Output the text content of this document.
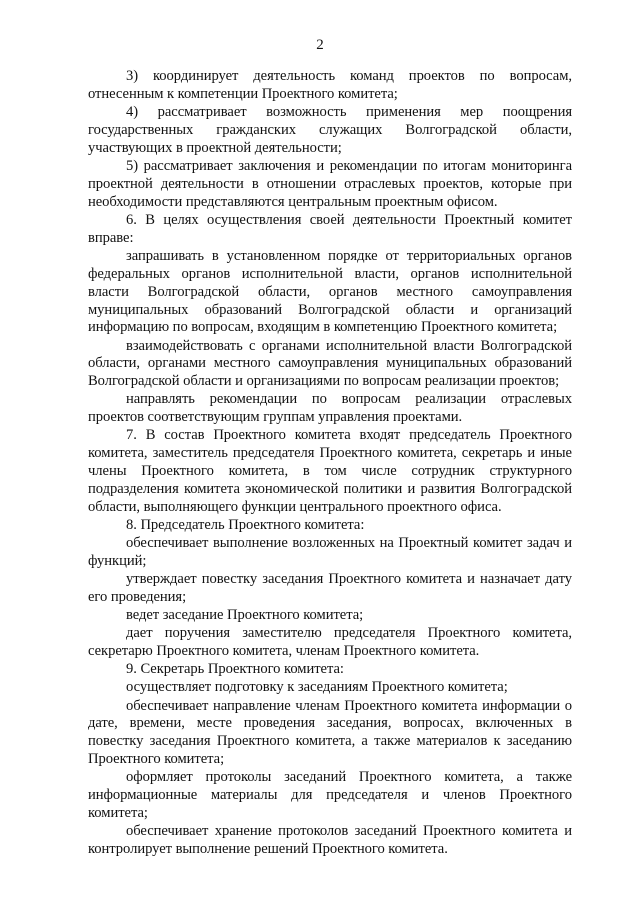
2

3) координирует деятельность команд проектов по вопросам, отнесенным к компетенции Проектного комитета;

4) рассматривает возможность применения мер поощрения государственных гражданских служащих Волгоградской области, участвующих в проектной деятельности;

5) рассматривает заключения и рекомендации по итогам мониторинга проектной деятельности в отношении отраслевых проектов, которые при необходимости представляются центральным проектным офисом.

6. В целях осуществления своей деятельности Проектный комитет вправе:

запрашивать в установленном порядке от территориальных органов федеральных органов исполнительной власти, органов исполнительной власти Волгоградской области, органов местного самоуправления муниципальных образований Волгоградской области и организаций информацию по вопросам, входящим в компетенцию Проектного комитета;

взаимодействовать с органами исполнительной власти Волгоградской области, органами местного самоуправления муниципальных образований Волгоградской области и организациями по вопросам реализации проектов;

направлять рекомендации по вопросам реализации отраслевых проектов соответствующим группам управления проектами.

7. В состав Проектного комитета входят председатель Проектного комитета, заместитель председателя Проектного комитета, секретарь и иные члены Проектного комитета, в том числе сотрудник структурного подразделения комитета экономической политики и развития Волгоградской области, выполняющего функции центрального проектного офиса.

8. Председатель Проектного комитета:

обеспечивает выполнение возложенных на Проектный комитет задач и функций;

утверждает повестку заседания Проектного комитета и назначает дату его проведения;

ведет заседание Проектного комитета;

дает поручения заместителю председателя Проектного комитета, секретарю Проектного комитета, членам Проектного комитета.

9. Секретарь Проектного комитета:

осуществляет подготовку к заседаниям Проектного комитета;

обеспечивает направление членам Проектного комитета информации о дате, времени, месте проведения заседания, вопросах, включенных в повестку заседания Проектного комитета, а также материалов к заседанию Проектного комитета;

оформляет протоколы заседаний Проектного комитета, а также информационные материалы для председателя и членов Проектного комитета;

обеспечивает хранение протоколов заседаний Проектного комитета и контролирует выполнение решений Проектного комитета.
